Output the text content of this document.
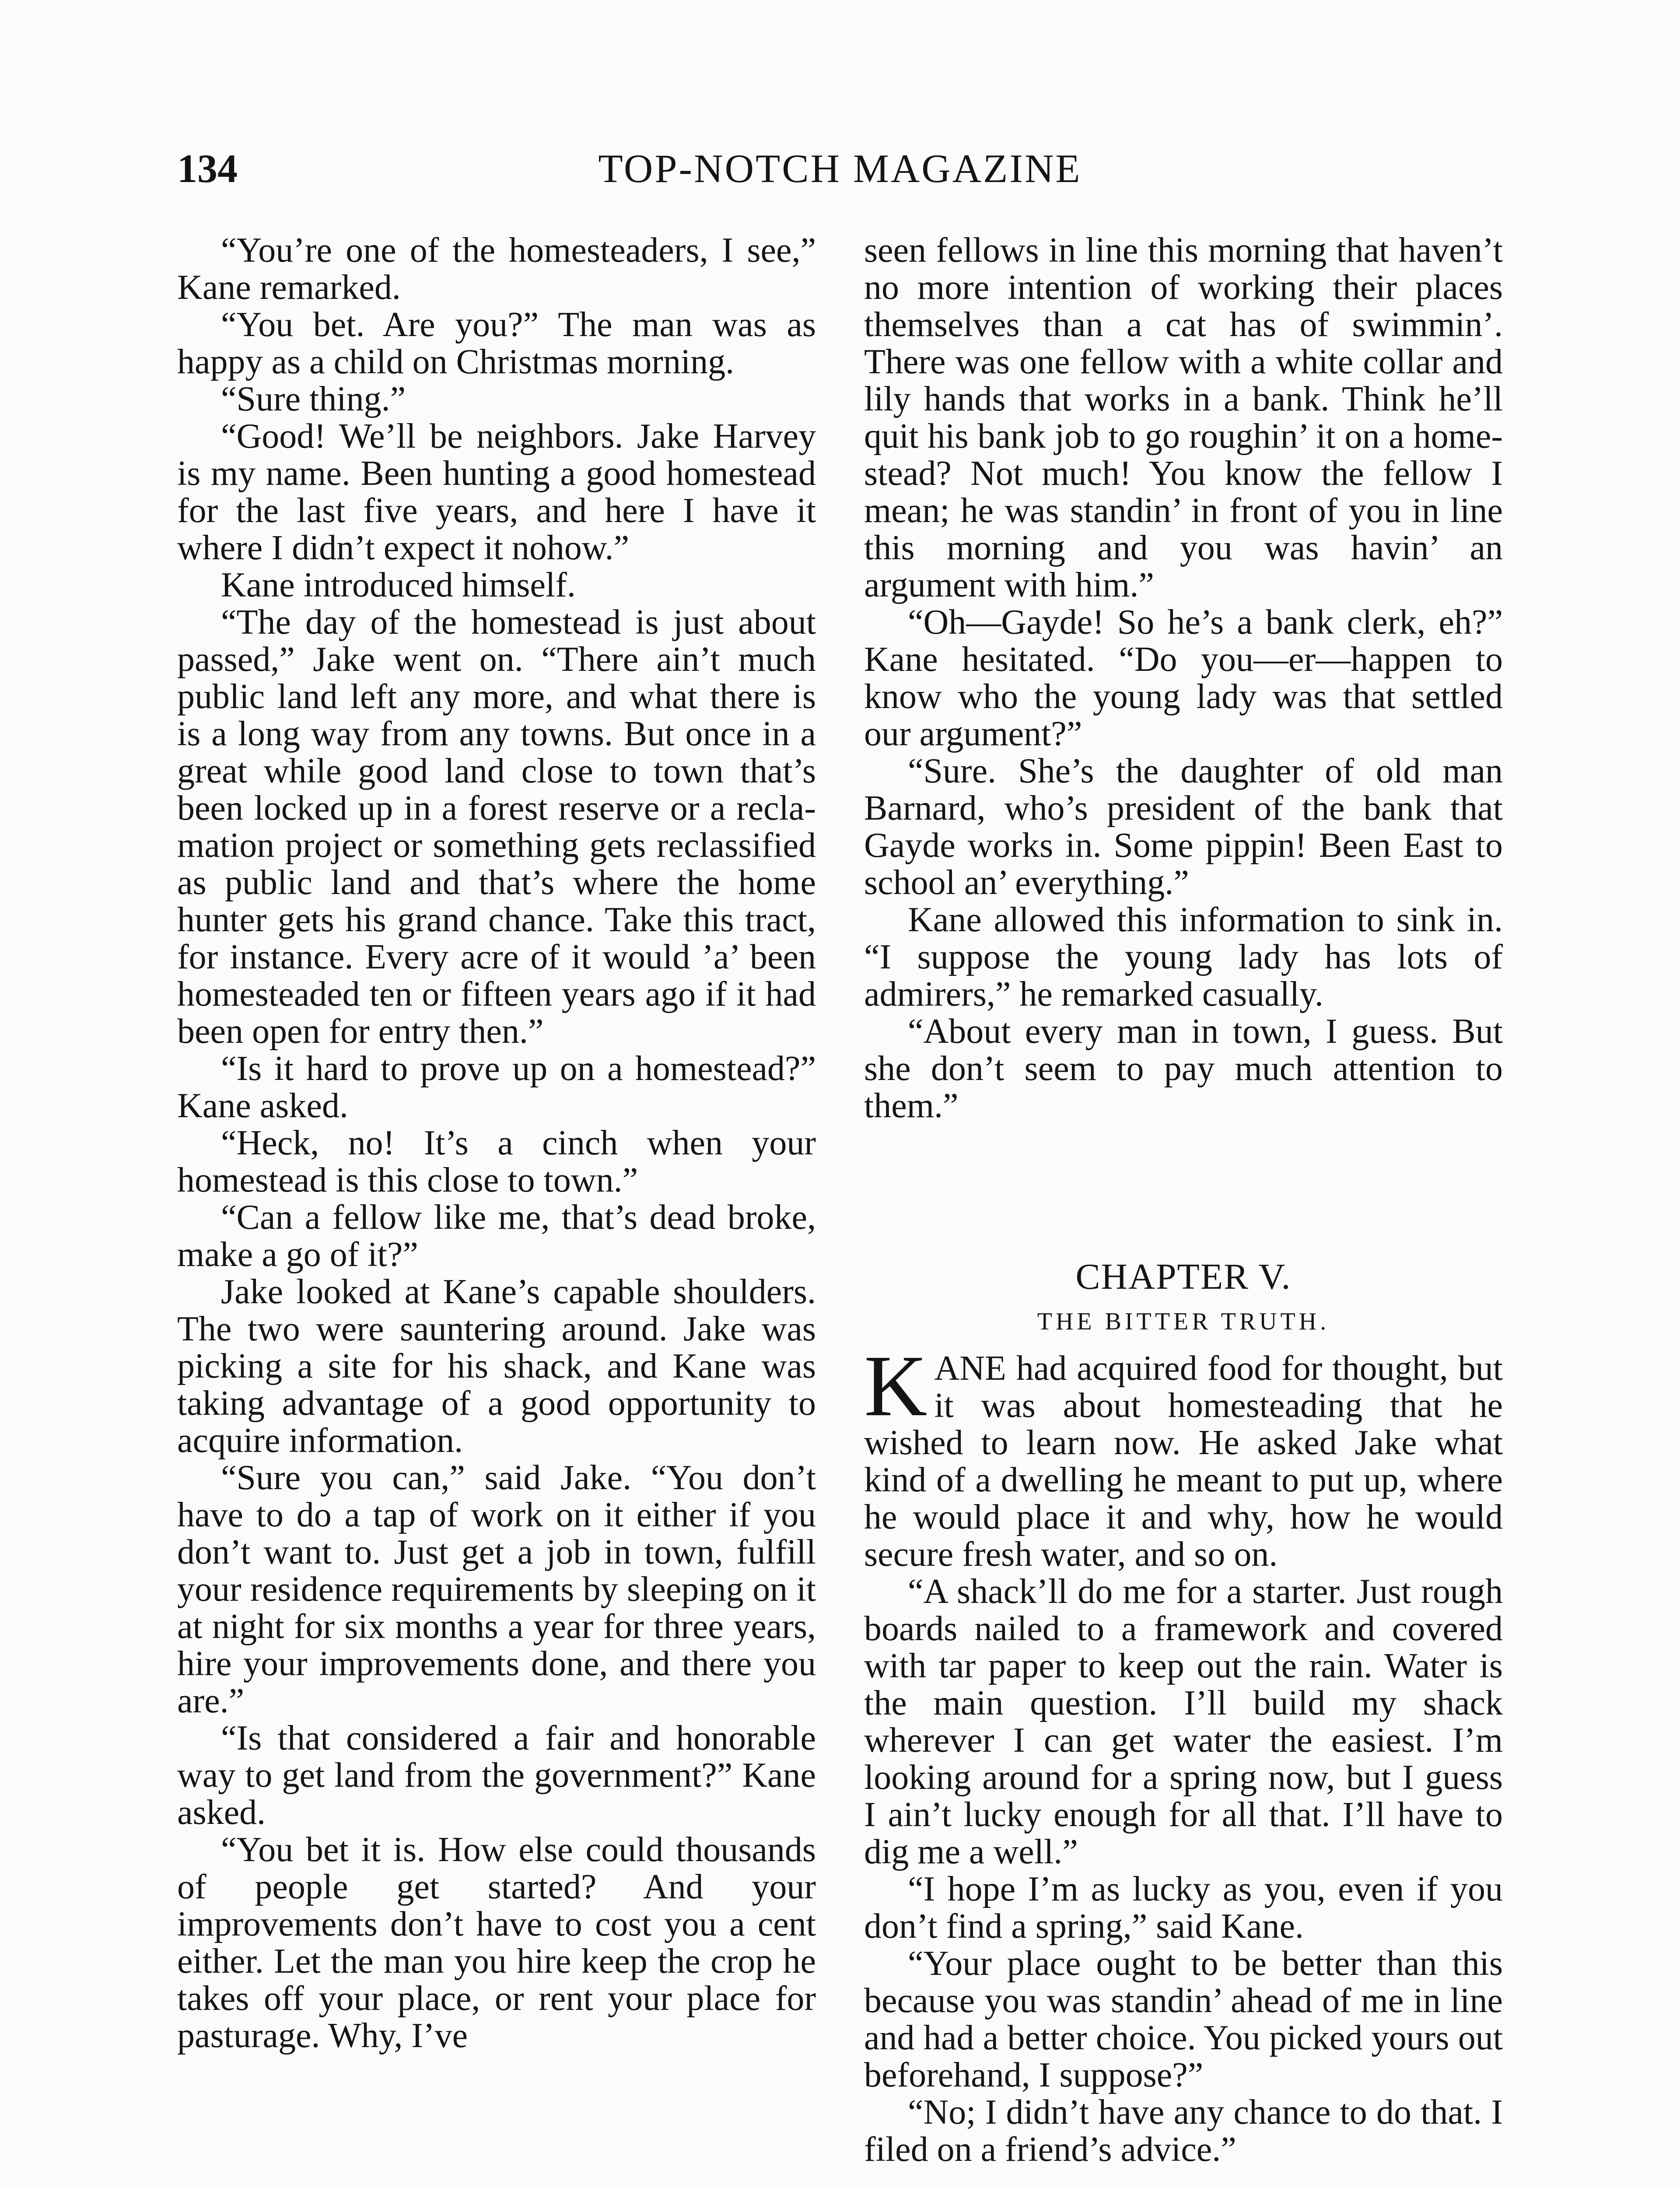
TOP-NOTCH MAGAZINE
134

“You’re one of the homesteaders, I see,” Kane remarked.

“You bet. Are you?” The man was as happy as a child on Christmas morning.

“Sure thing.”

“Good! We’ll be neighbors. Jake Harvey is my name. Been hunting a good homestead for the last five years, and here I have it where I didn’t expect it nohow.”

Kane introduced himself.

“The day of the homestead is just about passed,” Jake went on. “There ain’t much public land left any more, and what there is is a long way from any towns. But once in a great while good land close to town that’s been locked up in a forest reserve or a reclamation project or something gets reclassified as public land and that’s where the home hunter gets his grand chance. Take this tract, for instance. Every acre of it would ’a’ been homesteaded ten or fifteen years ago if it had been open for entry then.”

“Is it hard to prove up on a homestead?” Kane asked.

“Heck, no! It’s a cinch when your homestead is this close to town.”

“Can a fellow like me, that’s dead broke, make a go of it?”

Jake looked at Kane’s capable shoulders. The two were sauntering around. Jake was picking a site for his shack, and Kane was taking advantage of a good opportunity to acquire information.

“Sure you can,” said Jake. “You don’t have to do a tap of work on it either if you don’t want to. Just get a job in town, fulfill your residence requirements by sleeping on it at night for six months a year for three years, hire your improvements done, and there you are.”

“Is that considered a fair and honorable way to get land from the government?” Kane asked.

“You bet it is. How else could thousands of people get started? And your improvements don’t have to cost you a cent either. Let the man you hire keep the crop he takes off your place, or rent your place for pasturage. Why, I’ve

seen fellows in line this morning that haven’t no more intention of working their places themselves than a cat has of swimmin’. There was one fellow with a white collar and lily hands that works in a bank. Think he’ll quit his bank job to go roughin’ it on a homestead? Not much! You know the fellow I mean; he was standin’ in front of you in line this morning and you was havin’ an argument with him.”

“Oh—Gayde! So he’s a bank clerk, eh?” Kane hesitated. “Do you—er—happen to know who the young lady was that settled our argument?”

“Sure. She’s the daughter of old man Barnard, who’s president of the bank that Gayde works in. Some pippin! Been East to school an’ everything.”

Kane allowed this information to sink in. “I suppose the young lady has lots of admirers,” he remarked casually.

“About every man in town, I guess. But she don’t seem to pay much attention to them.”

CHAPTER V.
THE BITTER TRUTH.

KANE had acquired food for thought, but it was about homesteading that he wished to learn now. He asked Jake what kind of a dwelling he meant to put up, where he would place it and why, how he would secure fresh water, and so on.

“A shack’ll do me for a starter. Just rough boards nailed to a framework and covered with tar paper to keep out the rain. Water is the main question. I’ll build my shack wherever I can get water the easiest. I’m looking around for a spring now, but I guess I ain’t lucky enough for all that. I’ll have to dig me a well.”

“I hope I’m as lucky as you, even if you don’t find a spring,” said Kane.

“Your place ought to be better than this because you was standin’ ahead of me in line and had a better choice. You picked yours out beforehand, I suppose?”

“No; I didn’t have any chance to do that. I filed on a friend’s advice.”
